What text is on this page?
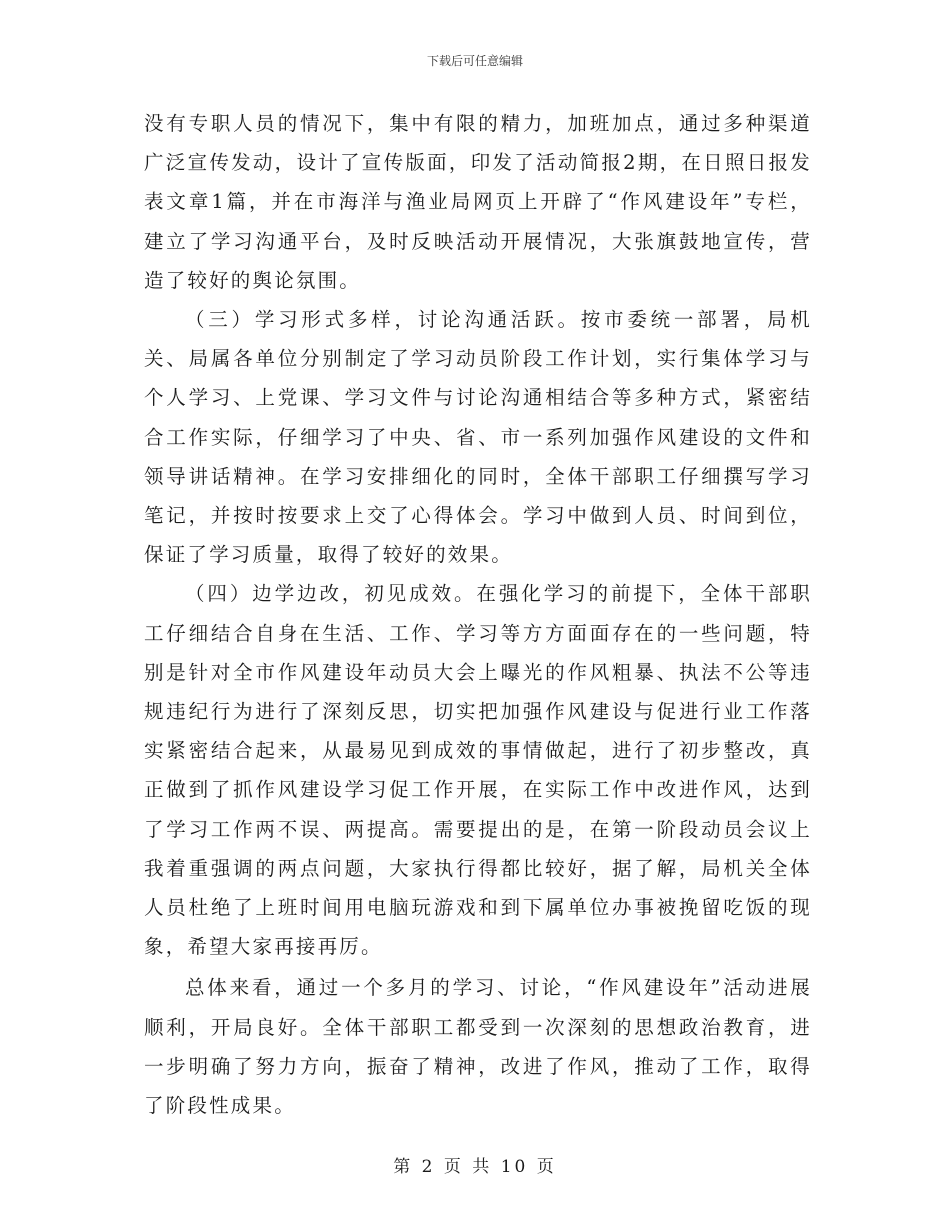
下载后可任意编辑

没有专职人员的情况下，集中有限的精力，加班加点，通过多种渠道广泛宣传发动，设计了宣传版面，印发了活动简报2期，在日照日报发表文章1篇，并在市海洋与渔业局网页上开辟了“作风建设年”专栏，建立了学习沟通平台，及时反映活动开展情况，大张旗鼓地宣传，营造了较好的舆论氛围。

（三）学习形式多样，讨论沟通活跃。按市委统一部署，局机关、局属各单位分别制定了学习动员阶段工作计划，实行集体学习与个人学习、上党课、学习文件与讨论沟通相结合等多种方式，紧密结合工作实际，仔细学习了中央、省、市一系列加强作风建设的文件和领导讲话精神。在学习安排细化的同时，全体干部职工仔细撰写学习笔记，并按时按要求上交了心得体会。学习中做到人员、时间到位，保证了学习质量，取得了较好的效果。

（四）边学边改，初见成效。在强化学习的前提下，全体干部职工仔细结合自身在生活、工作、学习等方方面面存在的一些问题，特别是针对全市作风建设年动员大会上曝光的作风粗暴、执法不公等违规违纪行为进行了深刻反思，切实把加强作风建设与促进行业工作落实紧密结合起来，从最易见到成效的事情做起，进行了初步整改，真正做到了抓作风建设学习促工作开展，在实际工作中改进作风，达到了学习工作两不误、两提高。需要提出的是，在第一阶段动员会议上我着重强调的两点问题，大家执行得都比较好，据了解，局机关全体人员杜绝了上班时间用电脑玩游戏和到下属单位办事被挽留吃饭的现象，希望大家再接再厉。

总体来看，通过一个多月的学习、讨论，“作风建设年”活动进展顺利，开局良好。全体干部职工都受到一次深刻的思想政治教育，进一步明确了努力方向，振奋了精神，改进了作风，推动了工作，取得了阶段性成果。

第 2 页 共 10 页
